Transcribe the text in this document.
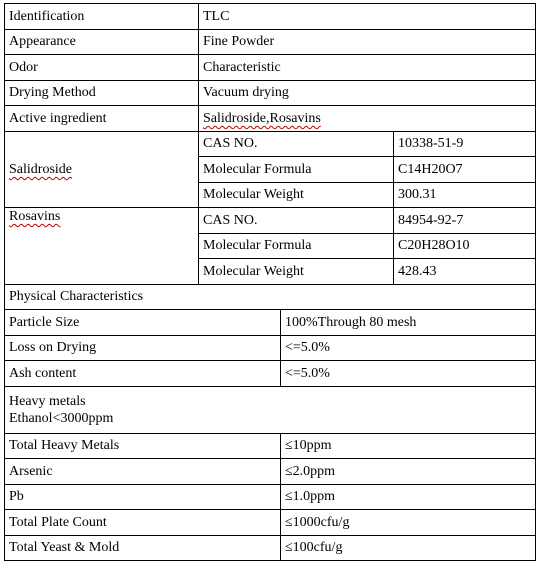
Identification	TLC		
Appearance	Fine Powder		
Odor	Characteristic		
Drying Method	Vacuum drying		
Active ingredient	Salidroside,Rosavins		
Salidroside	CAS NO.		10338-51-9
	Molecular Formula		C14H20O7
	Molecular Weight		300.31
Rosavins	CAS NO.		84954-92-7
	Molecular Formula		C20H28O10
	Molecular Weight		428.43
Physical Characteristics			
Particle Size		100%Through 80 mesh	
Loss on Drying		<=5.0%	
Ash content		<=5.0%	

Heavy metals
Ethanol<3000ppm			

Total Heavy Metals		≤10ppm	
Arsenic		≤2.0ppm	
Pb		≤1.0ppm	
Total Plate Count		≤1000cfu/g	
Total Yeast & Mold		≤100cfu/g	
